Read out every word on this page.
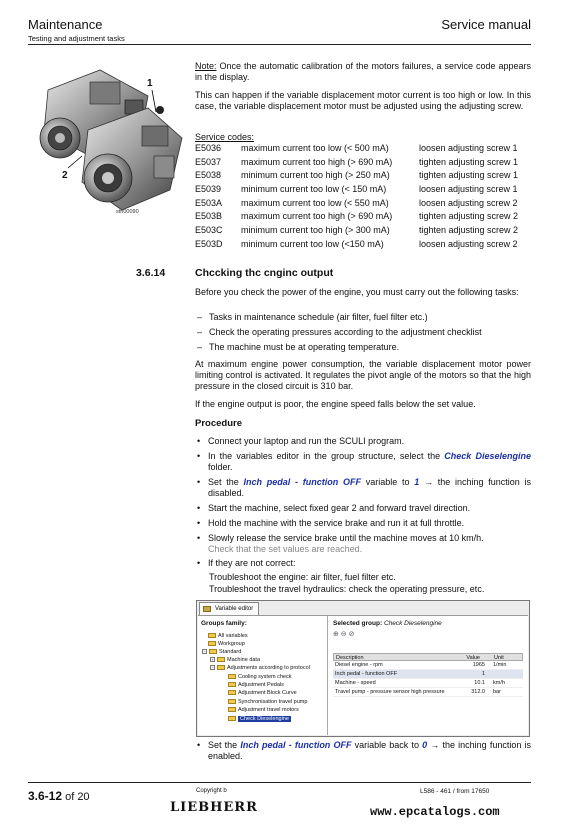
Maintenance	Service manual
Testing and adjustment tasks
1
2
sth00090
Note: Once the automatic calibration of the motors failures, a service code appears in the display.
This can happen if the variable displacement motor current is too high or low. In this case, the variable displacement motor must be adjusted using the adjusting screw.
Service codes:
E5036 maximum current too low (< 500 mA)	loosen adjusting screw 1
E5037 maximum current too high (> 690 mA)	tighten adjusting screw 1
E5038 minimum current too high (> 250 mA)	tighten adjusting screw 1
E5039 minimum current too low (< 150 mA)	loosen adjusting screw 1
E503A maximum current too low (< 550 mA)	loosen adjusting screw 2
E503B maximum current too high (> 690 mA)	tighten adjusting screw 2
E503C minimum current too high (> 300 mA)	tighten adjusting screw 2
E503D minimum current too low (<150 mA)	loosen adjusting screw 2
3.6.14	Chccking thc cnginc output
Before you check the power of the engine, you must carry out the following tasks:
– Tasks in maintenance schedule (air filter, fuel filter etc.)
– Check the operating pressures according to the adjustment checklist
– The machine must be at operating temperature.
At maximum engine power consumption, the variable displacement motor power limiting control is activated. It regulates the pivot angle of the motors so that the high pressure in the closed circuit is 310 bar.
If the engine output is poor, the engine speed falls below the set value.
Procedure
• Connect your laptop and run the SCULI program.
• In the variables editor in the group structure, select the Check Dieselengine folder.
• Set the Inch pedal - function OFF variable to 1 → the inching function is disabled.
• Start the machine, select fixed gear 2 and forward travel direction.
• Hold the machine with the service brake and run it at full throttle.
• Slowly release the service brake until the machine moves at 10 km/h.
Check that the set values are reached.
• If they are not correct:
Troubleshoot the engine: air filter, fuel filter etc.
Troubleshoot the travel hydraulics: check the operating pressure, etc.
Variable editor
Groups family:
All variables
Workgroup
− Standard
+ Machine data
− Adjustments according to protocol
Cooling system check
Adjustment Pedals
Adjustment Block Curve
Synchronisation travel pump
Adjustment travel motors
Check Dieselengine
Selected group: Check Dieselengine
⊕ ⊖ ⊘
Description	Value	Unit
Diesel engine - rpm	1965 1/min
Inch pedal - function OFF	1
Machine - speed	10.1 km/h
Travel pump - pressure sensor high pressure	312.0 bar
• Set the Inch pedal - function OFF variable back to 0 → the inching function is enabled.
3.6-12 of 20	Copyright b
LIEBHERR
L586 - 461 / from 17650
www.epcatalogs.com
